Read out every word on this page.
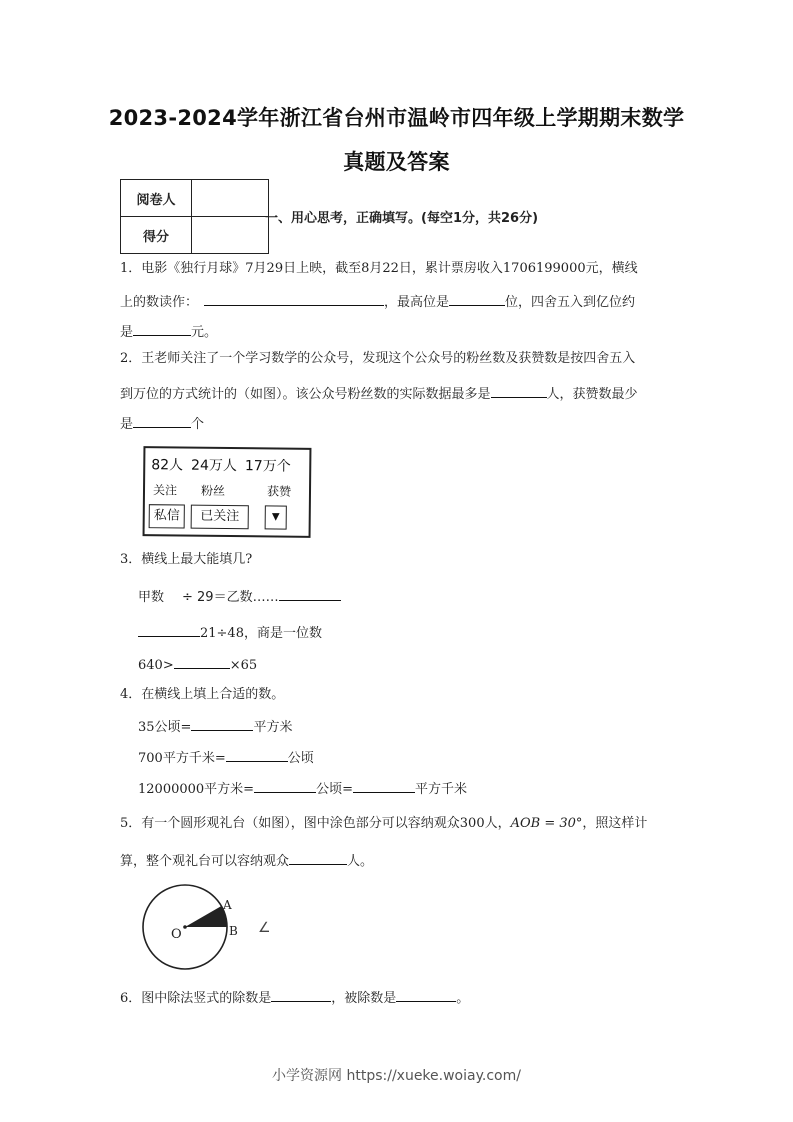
2023-2024学年浙江省台州市温岭市四年级上学期期末数学
真题及答案
阅卷人	
得分	
一、用心思考，正确填写。(每空1分，共26分)
1．电影《独行月球》7月29日上映，截至8月22日，累计票房收入1706199000元，横线
上的数读作：	，最高位是	位，四舍五入到亿位约
是	元。
2．王老师关注了一个学习数学的公众号，发现这个公众号的粉丝数及获赞数是按四舍五入
到万位的方式统计的（如图）。该公众号粉丝数的实际数据最多是	人，获赞数最少
是	个
82人 24万人 17万个
关注 粉丝	获赞
私信	已关注	▼
3．横线上最大能填几?
甲数 ÷ 29＝乙数……
21÷48，商是一位数
640>	×65
4．在横线上填上合适的数。
35公顷=	平方米
700平方千米=	公顷
12000000平方米=	公顷=	平方千米
5．有一个圆形观礼台（如图），图中涂色部分可以容纳观众300人，AOB = 30°，照这样计
算，整个观礼台可以容纳观众	人。
O
A
B ∠
6．图中除法竖式的除数是	，被除数是	。
小学资源网 https://xueke.woiay.com/
